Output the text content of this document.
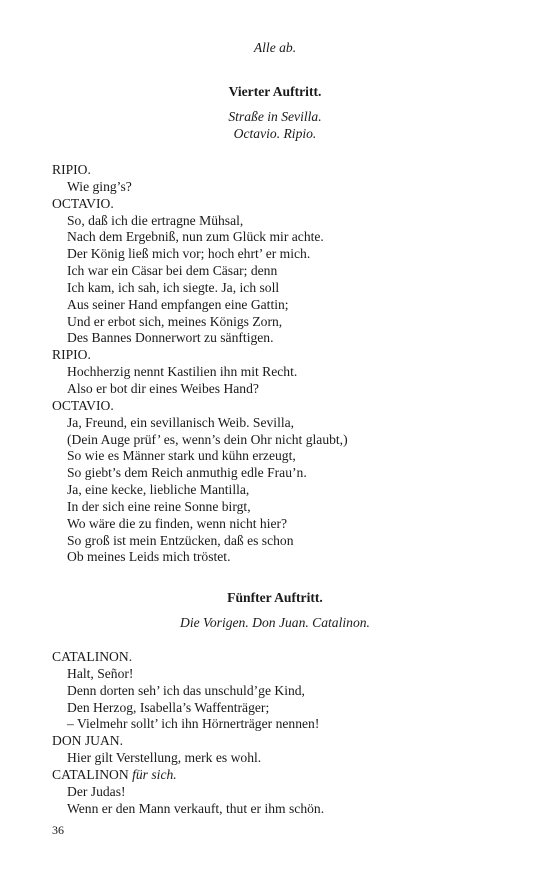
Alle ab.
Vierter Auftritt.
Straße in Sevilla.
Octavio. Ripio.
RIPIO.
Wie ging’s?
OCTAVIO.
So, daß ich die ertragne Mühsal,
Nach dem Ergebniß, nun zum Glück mir achte.
Der König ließ mich vor; hoch ehrt’ er mich.
Ich war ein Cäsar bei dem Cäsar; denn
Ich kam, ich sah, ich siegte. Ja, ich soll
Aus seiner Hand empfangen eine Gattin;
Und er erbot sich, meines Königs Zorn,
Des Bannes Donnerwort zu sänftigen.
RIPIO.
Hochherzig nennt Kastilien ihn mit Recht.
Also er bot dir eines Weibes Hand?
OCTAVIO.
Ja, Freund, ein sevillanisch Weib. Sevilla,
(Dein Auge prüf’ es, wenn’s dein Ohr nicht glaubt,)
So wie es Männer stark und kühn erzeugt,
So giebt’s dem Reich anmuthig edle Frau’n.
Ja, eine kecke, liebliche Mantilla,
In der sich eine reine Sonne birgt,
Wo wäre die zu finden, wenn nicht hier?
So groß ist mein Entzücken, daß es schon
Ob meines Leids mich tröstet.
Fünfter Auftritt.
Die Vorigen. Don Juan. Catalinon.
CATALINON.
Halt, Señor!
Denn dorten seh’ ich das unschuld’ge Kind,
Den Herzog, Isabella’s Waffenträger;
– Vielmehr sollt’ ich ihn Hörnerträger nennen!
DON JUAN.
Hier gilt Verstellung, merk es wohl.
CATALINON für sich.
Der Judas!
Wenn er den Mann verkauft, thut er ihm schön.
36
